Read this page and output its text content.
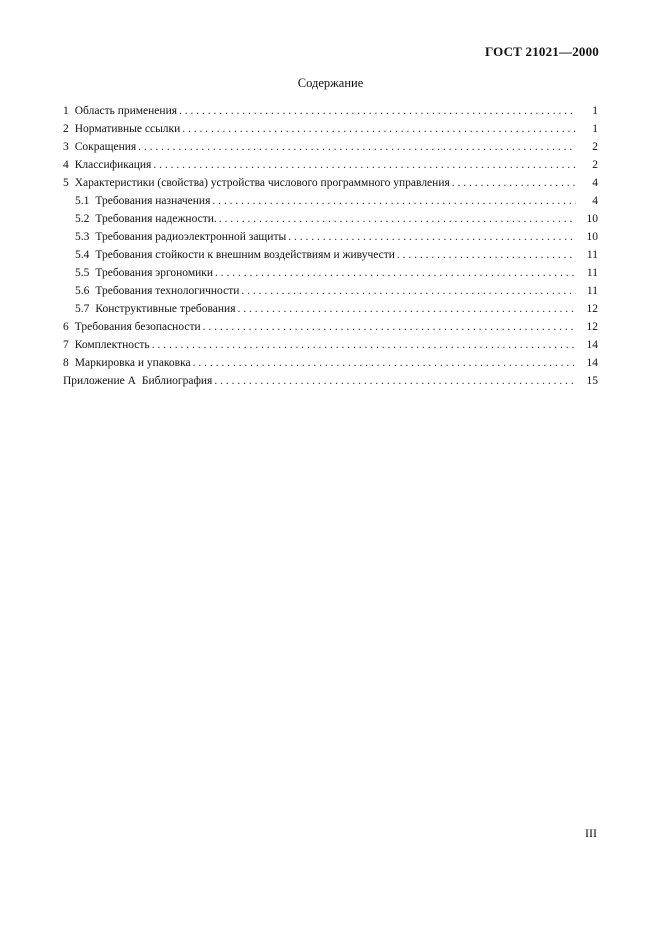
ГОСТ 21021—2000
Содержание
1 Область применения . . .	1
2 Нормативные ссылки . . .	1
3 Сокращения . . .	2
4 Классификация . . .	2
5 Характеристики (свойства) устройства числового программного управления . . .	4
5.1 Требования назначения . . .	4
5.2 Требования надежности. . . .	10
5.3 Требования радиоэлектронной защиты . . .	10
5.4 Требования стойкости к внешним воздействиям и живучести . . .	11
5.5 Требования эргономики . . .	11
5.6 Требования технологичности . . .	11
5.7 Конструктивные требования . . .	12
6 Требования безопасности . . .	12
7 Комплектность . . .	14
8 Маркировка и упаковка . . .	14
Приложение А Библиография . . .	15
III
